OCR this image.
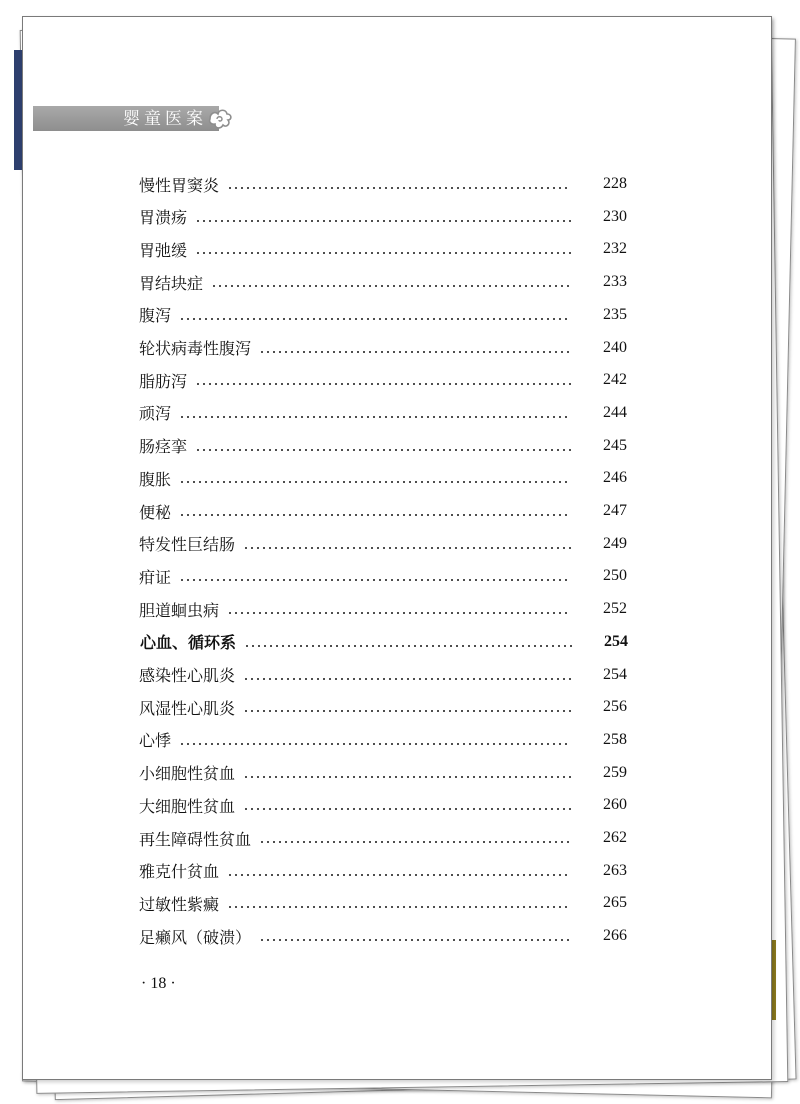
婴童医案
慢性胃窦炎	228
胃溃疡	230
胃弛缓	232
胃结块症	233
腹泻	235
轮状病毒性腹泻	240
脂肪泻	242
顽泻	244
肠痉挛	245
腹胀	246
便秘	247
特发性巨结肠	249
疳证	250
胆道蛔虫病	252
心血、循环系	254
感染性心肌炎	254
风湿性心肌炎	256
心悸	258
小细胞性贫血	259
大细胞性贫血	260
再生障碍性贫血	262
雅克什贫血	263
过敏性紫癜	265
足癞风（破溃）	266
· 18 ·
